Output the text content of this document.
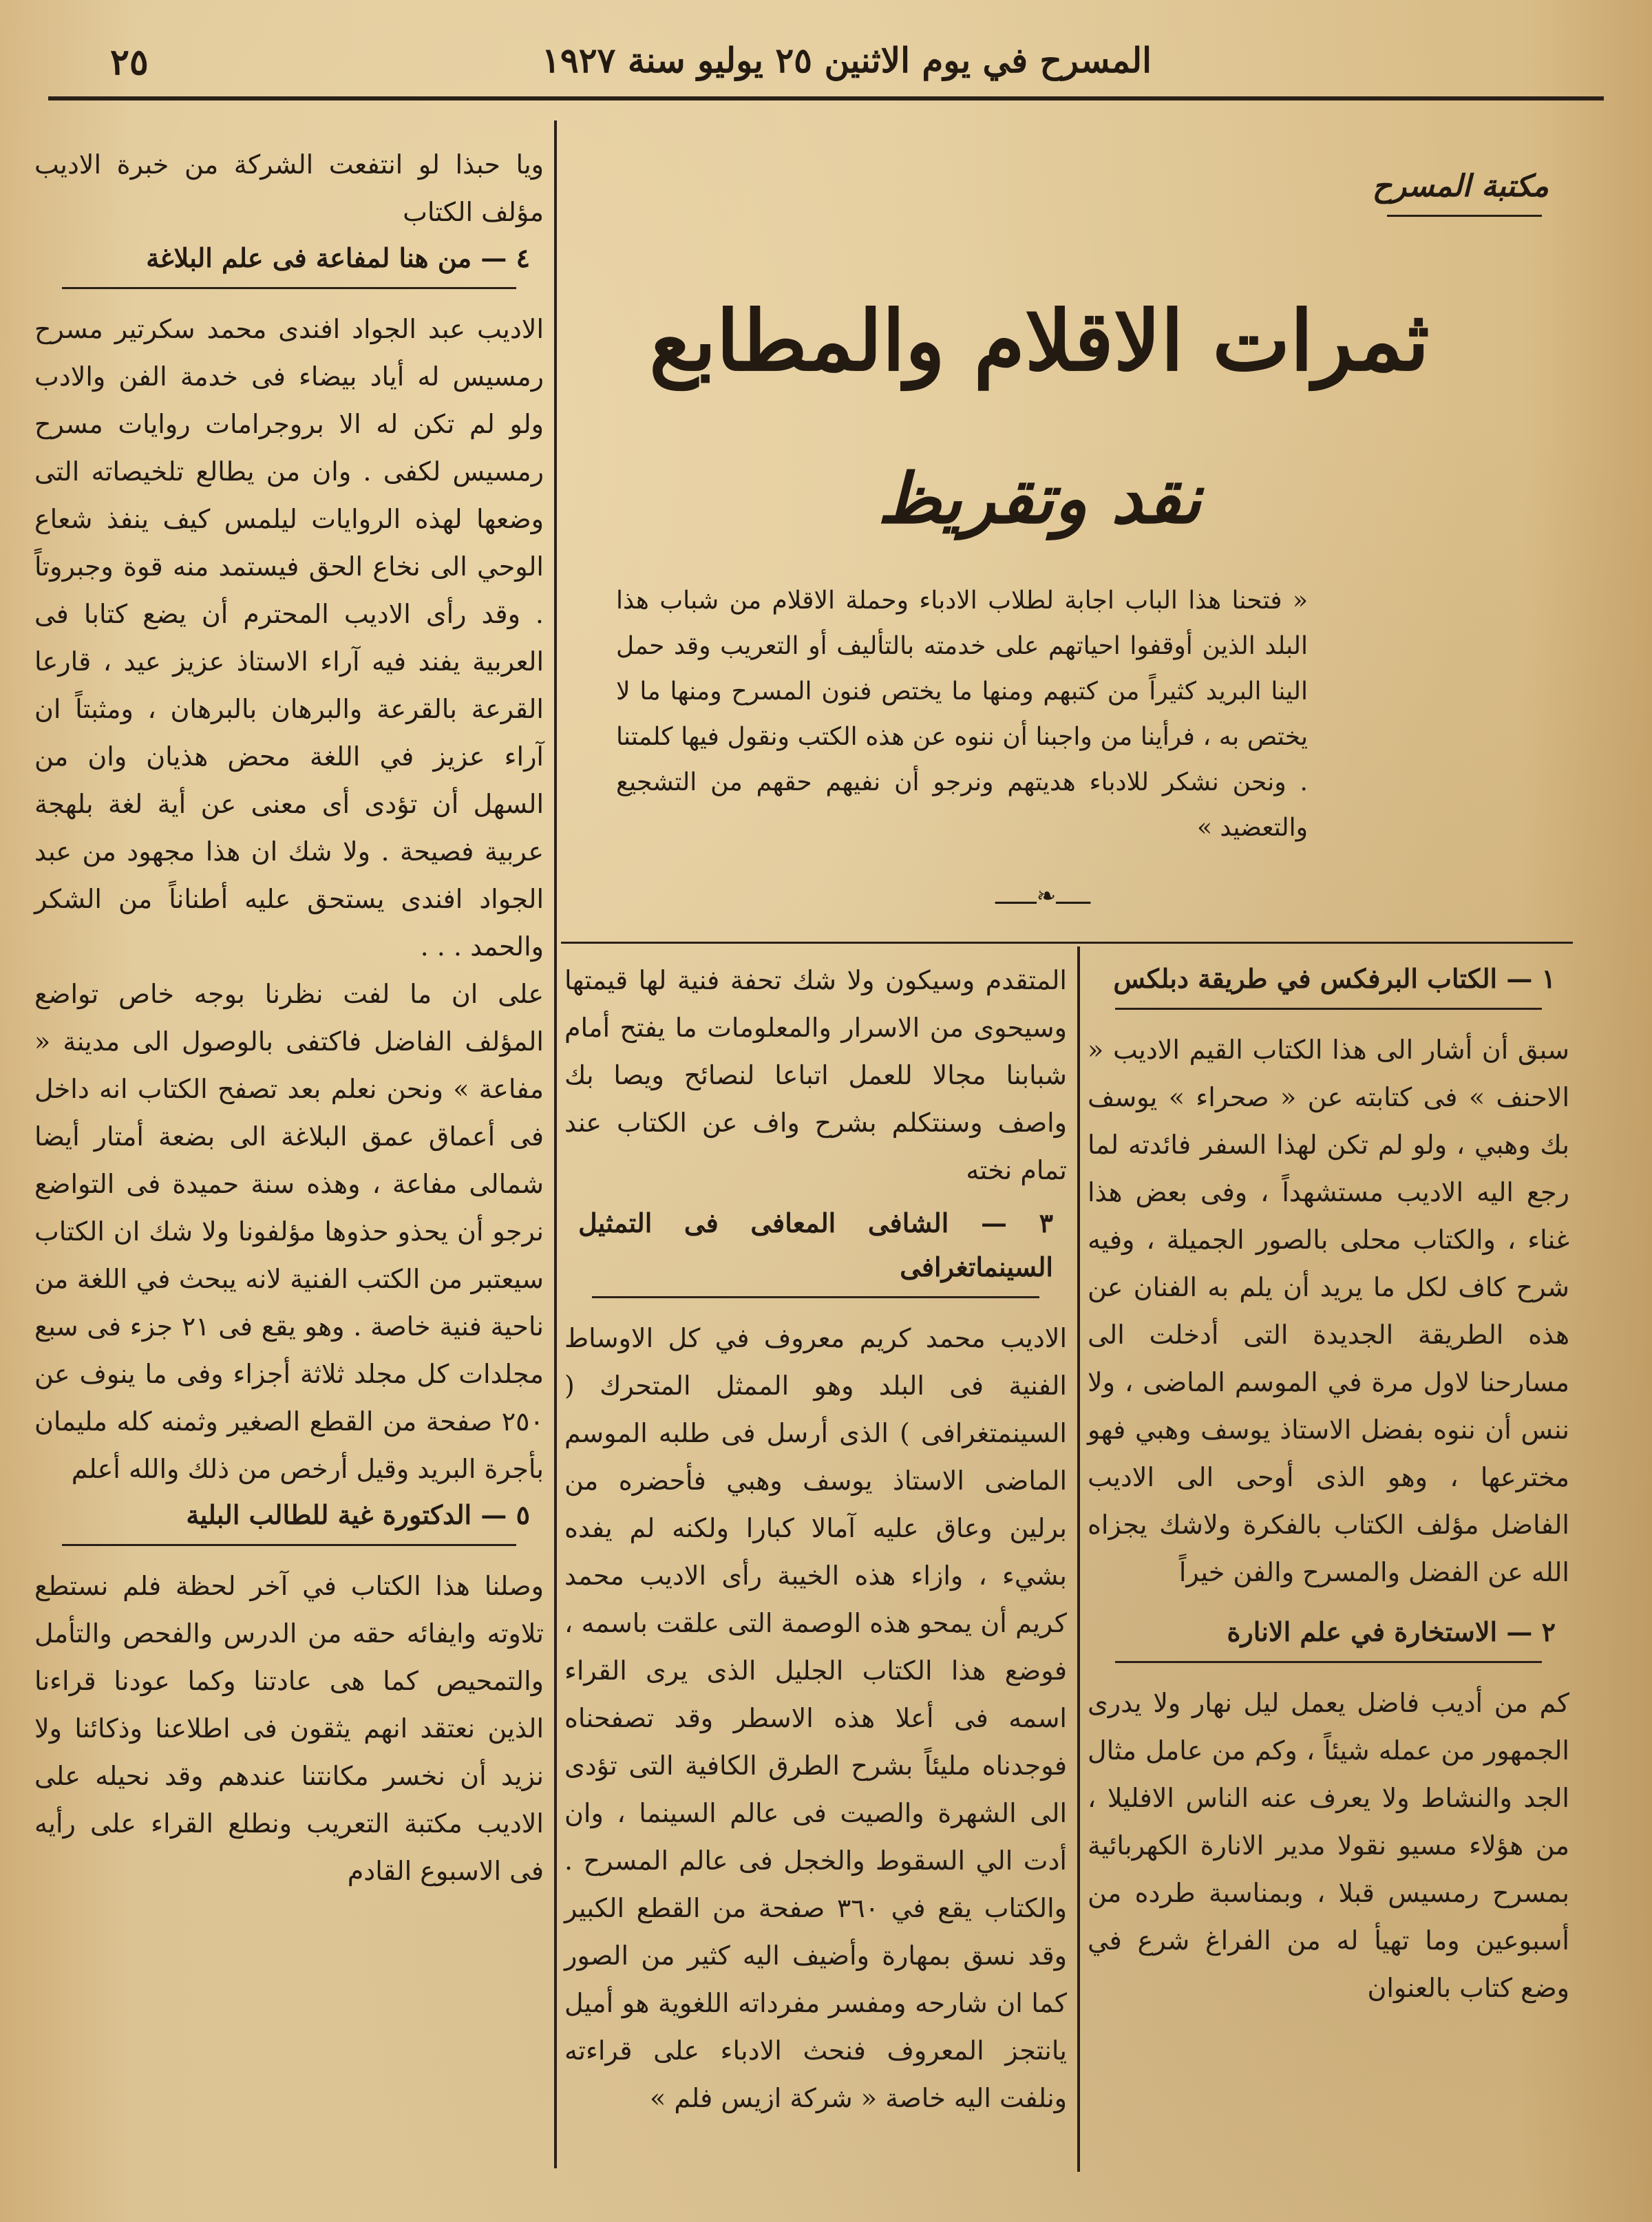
٢٥	المسرح في يوم الاثنين ٢٥ يوليو سنة ١٩٢٧
مكتبة المسرح
ثمرات الاقلام والمطابع
نقد وتقريظ
« فتحنا هذا الباب اجابة لطلاب الادباء وحملة الاقلام من شباب هذا البلد الذين أوقفوا احياتهم على خدمته بالتأليف أو التعريب وقد حمل الينا البريد كثيراً من كتبهم ومنها ما يختص فنون المسرح ومنها ما لا يختص به ، فرأينا من واجبنا أن ننوه عن هذه الكتب ونقول فيها كلمتنا . ونحن نشكر للادباء هديتهم ونرجو أن نفيهم حقهم من التشجيع والتعضيد »
ـــــ❧ــــــ

١ — الكتاب البرفكس في طريقة دبلكس

سبق أن أشار الى هذا الكتاب القيم الاديب « الاحنف » فى كتابته عن « صحراء » يوسف بك وهبي ، ولو لم تكن لهذا السفر فائدته لما رجع اليه الاديب مستشهداً ، وفى بعض هذا غناء ، والكتاب محلى بالصور الجميلة ، وفيه شرح كاف لكل ما يريد أن يلم به الفنان عن هذه الطريقة الجديدة التى أدخلت الى مسارحنا لاول مرة في الموسم الماضى ، ولا ننس أن ننوه بفضل الاستاذ يوسف وهبي فهو مخترعها ، وهو الذى أوحى الى الاديب الفاضل مؤلف الكتاب بالفكرة ولاشك يجزاه الله عن الفضل والمسرح والفن خيراً

٢ — الاستخارة في علم الانارة

كم من أديب فاضل يعمل ليل نهار ولا يدرى الجمهور من عمله شيئاً ، وكم من عامل مثال الجد والنشاط ولا يعرف عنه الناس الافليلا ، من هؤلاء مسيو نقولا مدير الانارة الكهربائية بمسرح رمسيس قبلا ، وبمناسبة طرده من أسبوعين وما تهيأ له من الفراغ شرع في وضع كتاب بالعنوان

المتقدم وسيكون ولا شك تحفة فنية لها قيمتها وسيحوى من الاسرار والمعلومات ما يفتح أمام شبابنا مجالا للعمل اتباعا لنصائح ويصا بك واصف وسنتكلم بشرح واف عن الكتاب عند تمام نخته

٣ — الشافى المعافى فى التمثيل السينماتغرافى

الاديب محمد كريم معروف في كل الاوساط الفنية فى البلد وهو الممثل المتحرك ( السينمتغرافى ) الذى أرسل فى طلبه الموسم الماضى الاستاذ يوسف وهبي فأحضره من برلين وعاق عليه آمالا كبارا ولكنه لم يفده بشيء ، وازاء هذه الخيبة رأى الاديب محمد كريم أن يمحو هذه الوصمة التى علقت باسمه ، فوضع هذا الكتاب الجليل الذى يرى القراء اسمه فى أعلا هذه الاسطر وقد تصفحناه فوجدناه مليئاً بشرح الطرق الكافية التى تؤدى الى الشهرة والصيت فى عالم السينما ، وان أدت الي السقوط والخجل فى عالم المسرح . والكتاب يقع في ٣٦٠ صفحة من القطع الكبير وقد نسق بمهارة وأضيف اليه كثير من الصور كما ان شارحه ومفسر مفرداته اللغوية هو أميل يانتجز المعروف فنحث الادباء على قراءته ونلفت اليه خاصة « شركة ازيس فلم »

ويا حبذا لو انتفعت الشركة من خبرة الاديب مؤلف الكتاب

٤ — من هنا لمفاعة فى علم البلاغة

الاديب عبد الجواد افندى محمد سكرتير مسرح رمسيس له أياد بيضاء فى خدمة الفن والادب ولو لم تكن له الا بروجرامات روايات مسرح رمسيس لكفى . وان من يطالع تلخيصاته التى وضعها لهذه الروايات ليلمس كيف ينفذ شعاع الوحي الى نخاع الحق فيستمد منه قوة وجبروتاً . وقد رأى الاديب المحترم أن يضع كتابا فى العربية يفند فيه آراء الاستاذ عزيز عيد ، قارعا القرعة بالقرعة والبرهان بالبرهان ، ومثبتاً ان آراء عزيز في اللغة محض هذيان وان من السهل أن تؤدى أى معنى عن أية لغة بلهجة عربية فصيحة . ولا شك ان هذا مجهود من عبد الجواد افندى يستحق عليه أطناناً من الشكر والحمد . . .

على ان ما لفت نظرنا بوجه خاص تواضع المؤلف الفاضل فاكتفى بالوصول الى مدينة « مفاعة » ونحن نعلم بعد تصفح الكتاب انه داخل فى أعماق عمق البلاغة الى بضعة أمتار أيضا شمالى مفاعة ، وهذه سنة حميدة فى التواضع نرجو أن يحذو حذوها مؤلفونا ولا شك ان الكتاب سيعتبر من الكتب الفنية لانه يبحث في اللغة من ناحية فنية خاصة . وهو يقع فى ٢١ جزء فى سبع مجلدات كل مجلد ثلاثة أجزاء وفى ما ينوف عن ٢٥٠ صفحة من القطع الصغير وثمنه كله مليمان بأجرة البريد وقيل أرخص من ذلك والله أعلم

٥ — الدكتورة غية للطالب البلية

وصلنا هذا الكتاب في آخر لحظة فلم نستطع تلاوته وايفائه حقه من الدرس والفحص والتأمل والتمحيص كما هى عادتنا وكما عودنا قراءنا الذين نعتقد انهم يثقون فى اطلاعنا وذكائنا ولا نزيد أن نخسر مكانتنا عندهم وقد نحيله على الاديب مكتبة التعريب ونطلع القراء على رأيه فى الاسبوع القادم
